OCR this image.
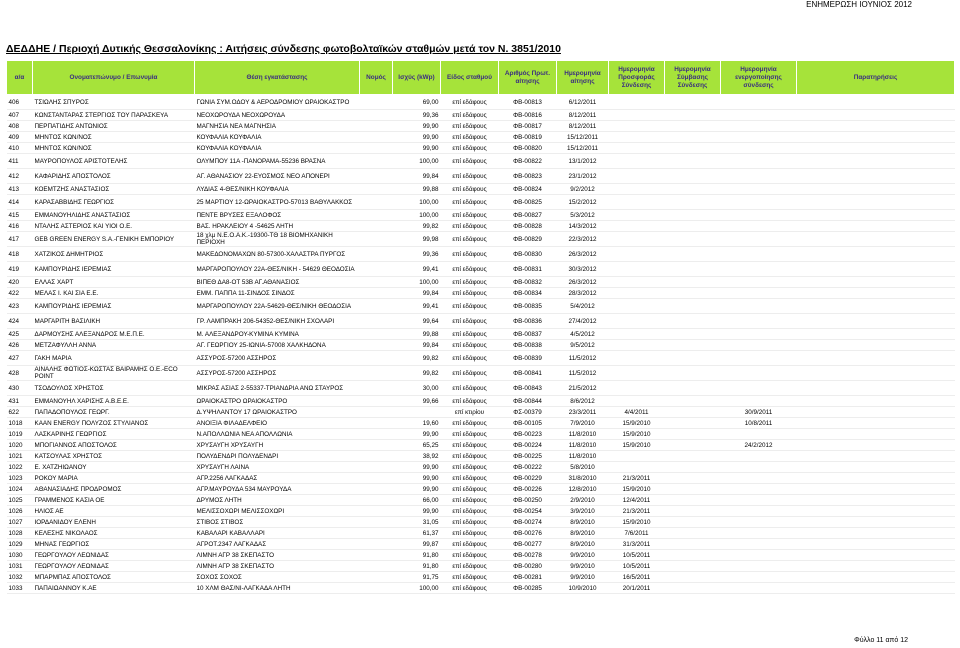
ΕΝΗΜΕΡΩΣΗ ΙΟΥΝΙΟΣ 2012
ΔΕΔΔΗΕ / Περιοχή Δυτικής Θεσσαλονίκης : Αιτήσεις σύνδεσης φωτοβολταϊκών σταθμών μετά τον Ν. 3851/2010
α/α	Ονοματεπώνυμο / Επωνυμία	Θέση εγκατάστασης	Νομός	Ισχύς (kWp)	Είδος σταθμού	Αριθμός Πρωτ. αίτησης	Ημερομηνία αίτησης	Ημερομηνία Προσφοράς Σύνδεσης	Ημερομηνία Σύμβασης Σύνδεσης	Ημερομηνία ενεργοποίησης σύνδεσης	Παρατηρήσεις
406	ΤΣΙΩΛΗΣ ΣΠΥΡΟΣ	ΓΩΝΙΑ ΣΥΜ.ΟΔΟΥ & ΑΕΡΟΔΡΟΜΙΟΥ ΩΡΑΙΟΚΑΣΤΡΟ		69,00	επί εδάφους	ΦΒ-00813	6/12/2011				
407	ΚΩΝΣΤΑΝΤΑΡΑΣ ΣΤΕΡΓΙΟΣ ΤΟΥ ΠΑΡΑΣΚΕΥΑ	ΝΕΟΧΩΡΟΥΔΑ ΝΕΟΧΩΡΟΥΔΑ		99,36	επί εδάφους	ΦΒ-00816	8/12/2011				
408	ΠΕΡΠΑΤΙΔΗΣ ΑΝΤΩΝΙΟΣ	ΜΑΓΝΗΣΙΑ ΝΕΑ ΜΑΓΝΗΣΙΑ		99,90	επί εδάφους	ΦΒ-00817	8/12/2011				
409	ΜΗΝΤΟΣ ΚΩΝ/ΝΟΣ	ΚΟΥΦΑΛΙΑ ΚΟΥΦΑΛΙΑ		99,90	επί εδάφους	ΦΒ-00819	15/12/2011				
410	ΜΗΝΤΟΣ ΚΩΝ/ΝΟΣ	ΚΟΥΦΑΛΙΑ ΚΟΥΦΑΛΙΑ		99,90	επί εδάφους	ΦΒ-00820	15/12/2011				
411	ΜΑΥΡΟΠΟΥΛΟΣ ΑΡΙΣΤΟΤΕΛΗΣ	ΟΛΥΜΠΟΥ 11Α -ΠΑΝΟΡΑΜΑ-55236 ΒΡΑΣΝΑ		100,00	επί εδάφους	ΦΒ-00822	13/1/2012				
412	ΚΑΦΑΡΙΔΗΣ ΑΠΟΣΤΟΛΟΣ	ΑΓ. ΑΘΑΝΑΣΙΟΥ 22-ΕΥΟΣΜΟΣ ΝΕΟ ΑΠΟΝΕΡΙ		99,84	επί εδάφους	ΦΒ-00823	23/1/2012				
413	ΚΟΕΜΤΖΗΣ ΑΝΑΣΤΑΣΙΟΣ	ΛΥΔΙΑΣ 4-ΘΕΣ/ΝΙΚΗ ΚΟΥΦΑΛΙΑ		99,88	επί εδάφους	ΦΒ-00824	9/2/2012				
414	ΚΑΡΑΣΑΒΒΙΔΗΣ ΓΕΩΡΓΙΟΣ	25 ΜΑΡΤΙΟΥ 12-ΩΡΑΙΟΚΑΣΤΡΟ-57013 ΒΑΘΥΛΑΚΚΟΣ		100,00	επί εδάφους	ΦΒ-00825	15/2/2012				
415	ΕΜΜΑΝΟΥΗΛΙΔΗΣ ΑΝΑΣΤΑΣΙΟΣ	ΠΕΝΤΕ ΒΡΥΣΕΣ ΕΞΑΛΟΦΟΣ		100,00	επί εδάφους	ΦΒ-00827	5/3/2012				
416	ΝΤΑΛΗΣ ΑΣΤΕΡΙΟΣ ΚΑΙ ΥΙΟΙ Ο.Ε.	ΒΑΣ. ΗΡΑΚΛΕΙΟΥ 4 -54625 ΛΗΤΗ		99,82	επί εδάφους	ΦΒ-00828	14/3/2012				
417	GEB GREEN ENERGY S.A.-ΓΕΝΙΚΗ ΕΜΠΟΡΙΟΥ	18 χλμ Ν.Ε.Ο.Α.Κ.-19300-ΤΘ 18 ΒΙΟΜΗΧΑΝΙΚΗ ΠΕΡΙΟΧΗ		99,98	επί εδάφους	ΦΒ-00829	22/3/2012				
418	ΧΑΤΖΙΚΟΣ ΔΗΜΗΤΡΙΟΣ	ΜΑΚΕΔΟΝΟΜΑΧΩΝ 80-57300-ΧΑΛΑΣΤΡΑ ΠΥΡΓΟΣ		99,36	επί εδάφους	ΦΒ-00830	26/3/2012				
419	ΚΑΜΠΟΥΡΙΔΗΣ ΙΕΡΕΜΙΑΣ	ΜΑΡΓΑΡΟΠΟΥΛΟΥ 22Α-ΘΕΣ/ΝΙΚΗ - 54629 ΘΕΟΔΟΣΙΑ		99,41	επί εδάφους	ΦΒ-00831	30/3/2012				
420	ΕΛΛΑΣ ΧΑΡΤ	ΒΙΠΕΘ ΔΑ8-ΟΤ 53Β ΑΓ.ΑΘΑΝΑΣΙΟΣ		100,00	επί εδάφους	ΦΒ-00832	26/3/2012				
422	ΜΕΛΑΣ Ι. ΚΑΙ ΣΙΑ Ε.Ε.	ΕΜΜ. ΠΑΠΠΑ 11-ΣΙΝΔΟΣ ΣΙΝΔΟΣ		99,84	επί εδάφους	ΦΒ-00834	28/3/2012				
423	ΚΑΜΠΟΥΡΙΔΗΣ ΙΕΡΕΜΙΑΣ	ΜΑΡΓΑΡΟΠΟΥΛΟΥ 22Α-54629-ΘΕΣ/ΝΙΚΗ ΘΕΟΔΟΣΙΑ		99,41	επί εδάφους	ΦΒ-00835	5/4/2012				
424	ΜΑΡΓΑΡΙΤΗ ΒΑΣΙΛΙΚΗ	ΓΡ. ΛΑΜΠΡΑΚΗ 206-54352-ΘΕΣ/ΝΙΚΗ ΣΧΟΛΑΡΙ		99,64	επί εδάφους	ΦΒ-00836	27/4/2012				
425	ΔΑΡΜΟΥΣΗΣ ΑΛΕΞΑΝΔΡΟΣ Μ.Ε.Π.Ε.	Μ. ΑΛΕΞΑΝΔΡΟΥ-ΚΥΜΙΝΑ ΚΥΜΙΝΑ		99,88	επί εδάφους	ΦΒ-00837	4/5/2012				
426	ΜΕΤΖΑΦΥΛΛΗ ΑΝΝΑ	ΑΓ. ΓΕΩΡΓΙΟΥ 25-ΙΩΝΙΑ-57008 ΧΑΛΚΗΔΟΝΑ		99,84	επί εδάφους	ΦΒ-00838	9/5/2012				
427	ΓΑΚΗ ΜΑΡΙΑ	ΑΣΣΥΡΟΣ-57200 ΑΣΣΗΡΟΣ		99,82	επί εδάφους	ΦΒ-00839	11/5/2012				
428	ΑΙΝΑΛΗΣ ΦΩΤΙΟΣ-ΚΩΣΤΑΣ ΒΑΙΡΑΜΗΣ Ο.Ε.-ECO POINT	ΑΣΣΥΡΟΣ-57200 ΑΣΣΗΡΟΣ		99,82	επί εδάφους	ΦΒ-00841	11/5/2012				
430	ΤΣΟΔΟΥΛΟΣ ΧΡΗΣΤΟΣ	ΜΙΚΡΑΣ ΑΣΙΑΣ 2-55337-ΤΡΙΑΝΔΡΙΑ ΑΝΩ ΣΤΑΥΡΟΣ		30,00	επί εδάφους	ΦΒ-00843	21/5/2012				
431	ΕΜΜΑΝΟΥΗΛ ΧΑΡΙΣΗΣ Α.Β.Ε.Ε.	ΩΡΑΙΟΚΑΣΤΡΟ ΩΡΑΙΟΚΑΣΤΡΟ		99,66	επί εδάφους	ΦΒ-00844	8/6/2012				
622	ΠΑΠΑΔΟΠΟΥΛΟΣ ΓΕΩΡΓ.	Δ.ΥΨΗΛΑΝΤΟΥ 17 ΩΡΑΙΟΚΑΣΤΡΟ			επί κτιρίου	ΦΣ-00379	23/3/2011	4/4/2011		30/9/2011	
1018	KAAN ENERGY ΠΟΛΥΖΟΣ ΣΤΥΛΙΑΝΟΣ	ΑΝΟΙΞΙΑ ΦΙΛΑΔΕΛΦΕΙΟ		19,60	επί εδάφους	ΦΒ-00105	7/9/2010	15/9/2010		10/8/2011	
1019	ΛΑΣΚΑΡΙΝΗΣ ΓΕΩΡΓΙΟΣ	Ν.ΑΠΟΛΛΩΝΙΑ ΝΕΑ ΑΠΟΛΛΩΝΙΑ		99,90	επί εδάφους	ΦΒ-00223	11/8/2010	15/9/2010			
1020	ΜΠΟΓΙΑΝΝΟΣ ΑΠΟΣΤΟΛΟΣ	ΧΡΥΣΑΥΓΗ ΧΡΥΣΑΥΓΗ		65,25	επί εδάφους	ΦΒ-00224	11/8/2010	15/9/2010		24/2/2012	
1021	ΚΑΤΣΟΥΛΑΣ ΧΡΗΣΤΟΣ	ΠΟΛΥΔΕΝΔΡΙ ΠΟΛΥΔΕΝΔΡΙ		38,92	επί εδάφους	ΦΒ-00225	11/8/2010				
1022	Ε. ΧΑΤΖΗΙΩΑΝΟΥ	ΧΡΥΣΑΥΓΗ ΛΑΙΝΑ		99,90	επί εδάφους	ΦΒ-00222	5/8/2010				
1023	ΡΟΚΟΥ ΜΑΡΙΑ	ΑΓΡ.2256 ΛΑΓΚΑΔΑΣ		99,90	επί εδάφους	ΦΒ-00229	31/8/2010	21/3/2011			
1024	ΑΘΑΝΑΣΙΑΔΗΣ ΠΡΟΔΡΟΜΟΣ	ΑΓΡ.ΜΑΥΡΟΥΔΑ 534 ΜΑΥΡΟΥΔΑ		99,90	επί εδάφους	ΦΒ-00226	12/8/2010	15/9/2010			
1025	ΓΡΑΜΜΕΝΟΣ ΚΑΣΙΑ ΟΕ	ΔΡΥΜΟΣ ΛΗΤΗ		66,00	επί εδάφους	ΦΒ-00250	2/9/2010	12/4/2011			
1026	ΗΛΙΟΣ ΑΕ	ΜΕΛΙΣΣΟΧΩΡΙ ΜΕΛΙΣΣΟΧΩΡΙ		99,90	επί εδάφους	ΦΒ-00254	3/9/2010	21/3/2011			
1027	ΙΟΡΔΑΝΙΔΟΥ ΕΛΕΝΗ	ΣΤΙΒΟΣ ΣΤΙΒΟΣ		31,05	επί εδάφους	ΦΒ-00274	8/9/2010	15/9/2010			
1028	ΚΕΛΕΣΗΣ ΝΙΚΟΛΑΟΣ	ΚΑΒΑΛΑΡΙ ΚΑΒΑΛΛΑΡΙ		61,37	επί εδάφους	ΦΒ-00276	8/9/2010	7/6/2011			
1029	ΜΗΝΑΣ ΓΕΩΡΓΙΟΣ	ΑΓΡΟΤ.2347 ΛΑΓΚΑΔΑΣ		99,87	επί εδάφους	ΦΒ-00277	8/9/2010	31/3/2011			
1030	ΓΕΩΡΓΟΥΛΟΥ ΛΕΩΝΙΔΑΣ	ΛΙΜΝΗ ΑΓΡ 38 ΣΚΕΠΑΣΤΟ		91,80	επί εδάφους	ΦΒ-00278	9/9/2010	10/5/2011			
1031	ΓΕΩΡΓΟΥΛΟΥ ΛΕΩΝΙΔΑΣ	ΛΙΜΝΗ ΑΓΡ 38 ΣΚΕΠΑΣΤΟ		91,80	επί εδάφους	ΦΒ-00280	9/9/2010	10/5/2011			
1032	ΜΠΑΡΜΠΑΣ ΑΠΟΣΤΟΛΟΣ	ΣΟΧΟΣ ΣΟΧΟΣ		91,75	επί εδάφους	ΦΒ-00281	9/9/2010	16/5/2011			
1033	ΠΑΠΑΙΩΑΝΝΟΥ Κ.ΑΕ	10 ΧΛΜ ΘΑΣ/ΝΙ-ΛΑΓΚΑΔΑ ΛΗΤΗ		100,00	επί εδάφους	ΦΒ-00285	10/9/2010	20/1/2011			
Φύλλο 11 από 12
